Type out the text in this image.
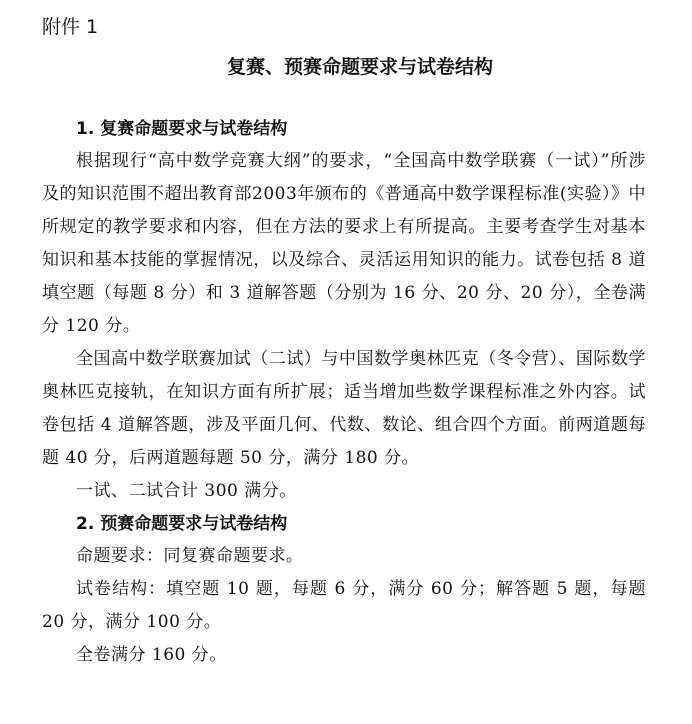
附件 1
复赛、预赛命题要求与试卷结构
1. 复赛命题要求与试卷结构

根据现行“高中数学竞赛大纲”的要求，“全国高中数学联赛（一试）”所涉及的知识范围不超出教育部2003年颁布的《普通高中数学课程标准(实验）》中所规定的教学要求和内容，但在方法的要求上有所提高。主要考查学生对基本知识和基本技能的掌握情况，以及综合、灵活运用知识的能力。试卷包括 8 道填空题（每题 8 分）和 3 道解答题（分别为 16 分、20 分、20 分），全卷满分 120 分。

全国高中数学联赛加试（二试）与中国数学奥林匹克（冬令营）、国际数学奥林匹克接轨，在知识方面有所扩展；适当增加些数学课程标准之外内容。试卷包括 4 道解答题，涉及平面几何、代数、数论、组合四个方面。前两道题每题 40 分，后两道题每题 50 分，满分 180 分。

一试、二试合计 300 满分。

2. 预赛命题要求与试卷结构

命题要求：同复赛命题要求。

试卷结构：填空题 10 题，每题 6 分，满分 60 分；解答题 5 题，每题 20 分，满分 100 分。

全卷满分 160 分。
